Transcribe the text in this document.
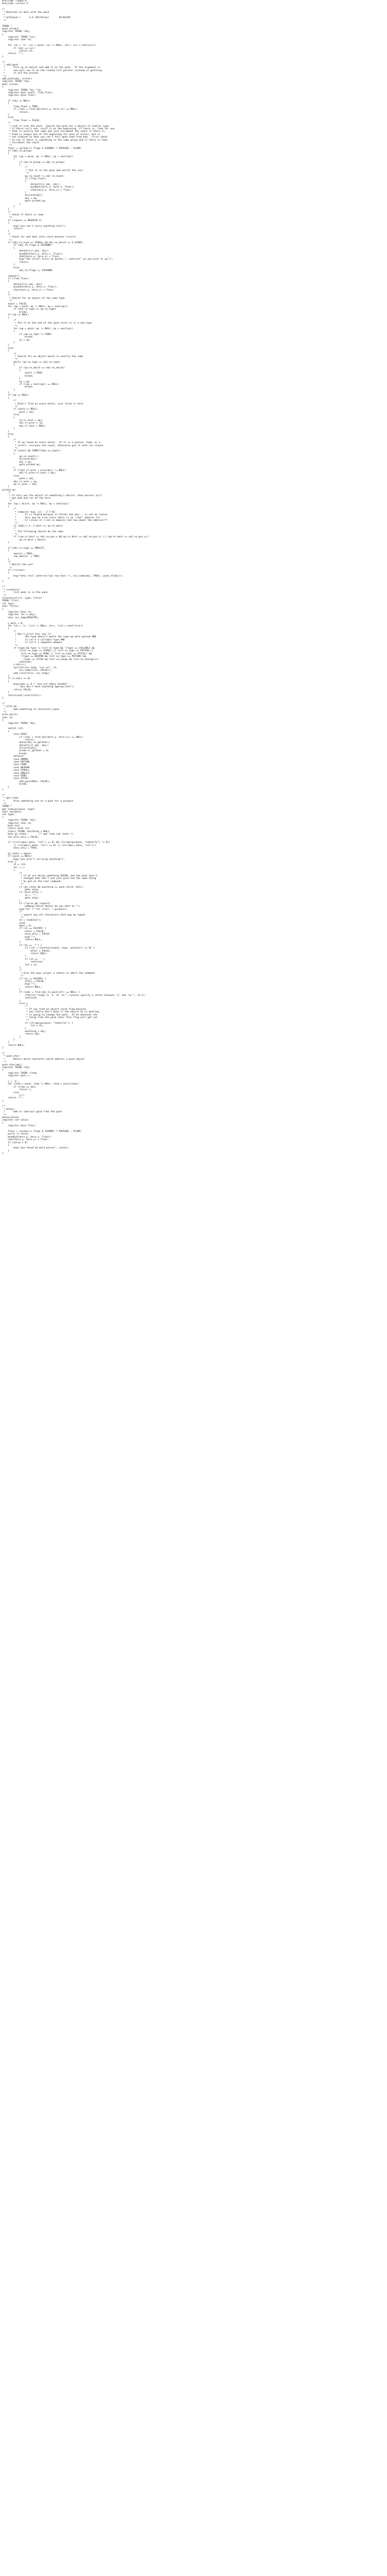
#include "rogue.h"
#include "curses.h"

/*
* Routines to deal with the pack
*
* @(#)pack.c      3.6 (Berkeley)       81/04/04
*/

THING *
pack_ch(obj)
register THING *obj;
{
register THING *cur;
register char ch;

for (ch = 'a', cur = pack; cur != NULL; ch++, cur = next(cur))
if (obj == cur)
return ch;
return '?';
}

/*
* add_pack:
*      Pick up an object and add it to the pack.  If the argument is
*      non-null use it as the linked_list pointer instead of gettting
*      it off the ground.
*/
add_pack(obj, silent)
register THING *obj;
bool silent;
{
register THING *op, *lp;
register bool exact, from_floor;
register byte floor;

if (obj == NULL)
{
from_floor = TRUE;
if ((obj = find_obj(hero.y, hero.x)) == NULL)
return;
}
else
from_floor = FALSE;
/*
* Link it into the pack.  Search the pack for a object of similar type
* if there isn't one, stuff it at the beginning, if there is, look for one
* that is exactly the same and just increment the count if there is.
* Food is always put at the beginning for ease of access, but is
* not ordered so that you can't tell good food from bad.  First check
* to see if there is something in the same group and if there is then
* increment the count.
*/
floor = (proom->r_flags & ISGONE) ? PASSAGE : FLOOR;
if (obj->o_group)
{
for (op = pack; op != NULL; op = next(op))
{
if (op->o_group == obj->o_group)
{
/*
* Put it in the pack and notify the user
*/
op->o_count += obj->o_count;
if (from_floor)
{
detach(lvl_obj, obj);
mvaddch(hero.y, hero.x, floor);
chat(hero.y, hero.x) = floor;
}
discard(obj);
obj = op;
goto picked_up;
}
}
}
/*
* Check if there is room
*/
if (inpack == MAXPACK-1)
{
msg("you can't carry anything else");
return;
}
/*
* Check for and deal with scare monster scrolls
*/
if (obj->o_type == SCROLL && obj->o_which == S_SCARE)
if (obj->o_flags & ISFOUND)
{
detach(lvl_obj, obj);
mvaddch(hero.y, hero.x, floor);
chat(hero.y, hero.x) = floor;
msg("the scroll turns to dust%s.", noterse(" as you pick it up"));
return;
}
else
obj->o_flags |= ISFOUND;

inpack++;
if (from_floor)
{
detach(lvl_obj, obj);
mvaddch(hero.y, hero.x, floor);
chat(hero.y, hero.x) = floor;
}
/*
* Search for an object of the same type
*/
exact = FALSE;
for (op = pack; op != NULL; op = next(op))
if (obj->o_type == op->o_type)
break;
if (op == NULL)
{
/*
* Put it at the end of the pack since it is a new type
*/
for (op = pack; op != NULL; op = next(op))
{
if (op->o_type != FOOD)
break;
lp = op;
}
}
else
{
/*
* Search for an object which is exactly the same
*/
while (op->o_type == obj->o_type)
{
if (op->o_which == obj->o_which)
{
exact = TRUE;
break;
}
lp = op;
if ((op = next(op)) == NULL)
break;
}
}
if (op == NULL)
{
/*
* Didn't find an exact match, just stick it here
*/
if (pack == NULL)
pack = obj;
else
{
lp->l_next = obj;
obj->l_prev = lp;
obj->l_next = NULL;
}
}
else
{
/*
* If we found an exact match.  If it is a potion, food, or a
* scroll, increase the count, otherwise put it with its clones.
*/
if (exact && ISMULT(obj->o_type))
{
op->o_count++;
discard(obj);
obj = op;
goto picked_up;
}
if ((obj->l_prev = prev(op)) != NULL)
obj->l_prev->l_next = obj;
else
pack = obj;
obj->l_next = op;
op->l_prev = obj;
}
picked_up:
/*
* If this was the object of something's desire, that monster will
* get mad and run at the hero
*/
for (op = mlist; op != NULL; op = next(op))
{
/*
* compiler bug: jjl - 2-7-83
*      It is stupid because it thinks the obj... is not an lvalue
*      this may be true since there is no "real" address for
*      it (since it's not in memory) but how about the address???
*/
if (&obj->_t._t_dest == op->t_dest)
/*
* The following should do the same
*/
if ((op->t_dest == obj->o_pos.y && op->t_dest == obj->o_pos.x) || (op->t_dest == obj->o_pos.y))
op->t_dest = &hero;
}

if (obj->o_type == AMULET)
{
amulet = TRUE;
saw_amulet  = TRUE;
}
/*
* Notify the user
*/
if (!silent)
{
msg("%s%s (%c)",noterse("you now have "), inv_name(obj, TRUE), pack_ch(obj));
}
}

/*
* inventory:
*      list what is in the pack
*/
inventory(list, type, title)
THING *list;
int type;
char *title;
{
register byte ch;
register int n_objs;
char inv_temp[MAXSTR];

n_objs = 0;
for (ch = 'a'; list != NULL; ch++, list = next(list))
{
/*
* Don't print this one if:
*      the type doesn't match the type we were passed AND
*      it isn't a callable type AND
*      it isn't a zappable weapon
*/
if (type && type != list->o_type && !(type == CALLABLE &&
(list->o_type == SCROLL || list->o_type == POTION ||
list->o_type == RING || list->o_type == STICK)) &&
!(type == WEAPON && list->o_type == POTION) &&
(type == STICK && list->o_enemy && list->o_charges)))
continue;
n_objs++;
sprintf(inv_temp, "%c) %s", ch,
inv_name(list, FALSE));
add_line(title, inv_temp);
}
if (n_objs == 0)
{
msg(type == 0 ? "you are empty handed" :
"you don't have anything appropriate");
return FALSE;
}
return(end_line(title));
}

/*
* pick_up:
*      Add something to characters pack.
*/
pick_up(ch)
char ch;
{
register THING *obj;

switch (ch)
{
case GOLD:
if ((obj = find_obj(hero.y, hero.x)) == NULL)
return;
money(obj->o_goldval);
detach(lvl_obj, obj);
discard(obj);
proom->r_goldval = 0;
break;
default:
case ARMOR:
case POTION:
case FOOD:
case WEAPON:
case SCROLL:
case AMULET:
case RING:
case STICK:
add_pack(NULL, FALSE);
break;
}
}

/*
* get_item:
*      Pick something out of a pack for a purpose
*/
THING *
get_item(purpose, type)
char *purpose;
int type;
{
register THING *obj;
register char ch;
byte och;
static byte lch;
static THING *wasthing = NULL;
byte gi_state;        /* get item sub state */
int once_only = FALSE;

if (((strcmp(s_menu, "sel") == 0) && (strcmp(purpose, "identify") != 0))
|| (strcmp(s_menu, "on") == 0) || (strcmp(s_menu, "sel")))
once_only = TRUE;

gi_state = again;
if (pack == NULL)
msg("you aren't carrying anything");
else {
ch = lch;
for (;;)
{
/*
* if we are doing something AGAIN, and the pack hasn't
* changed then don't ask just give him the same thing
* he got on the last command.
*/
if (gi_state && wasthing == pack_ch(ch, 0ch))
goto skip;
if (once_only) {
ch = '*';
goto skip;
}
if (!terse && !expert)
addmsg("which object do you want to ");
msg("%s? (* for list): ",purpose);
/*
* ignore any alt characters that may be typed
*/
ch = readchar();
skip:
mpos = 0;
if (ch == ESCAPE) {
after = FALSE;
once_only = FALSE;
msg("");
return NULL;
}
if (ch == '*') {
if ((ch = inventory(pack, type, purpose)) == 0) {
after = FALSE;
return NULL;
}
if (ch == ' ')
continue;
lch = ch;
}
/*
* Give the poor player a chance to abort the command
*/
if (ch == ESCAPE) {
after = FALSE;
msg("");
return NULL;
}
if ((obj = find_obj_in_pack(ch)) == NULL) {
ifterse("range is 'a' to '%c'","please specify a letter between 'a' and '%c'", ch-1);
continue;
}
else {
/*
* If you find an object reset flag because
* you really don't know if the object he is getting
* is going to change the pack.  If he detaches the
* thing from the pack later this flag will get set.
*/
if (strcmp(purpose, "identify")) {
lch = ch;
}
wasthing = obj;
return obj;
}
}
}
return NULL;
}

/*
* pack_char:
*      Return which character would address a pack object
*/
pack_char(obj)
register THING *obj;
{
register THING *item;
register byte c;

c = 'a';
for (item = pack; item != NULL; item = next(item))
if (item == obj)
return c;
else
c++;
return '?';
}

/*
* money:
*      Add or subtract gold from the pack
*/
money(value)
register int value;
{
register byte floor;

floor = (proom->r_flags & ISGONE) ? PASSAGE : FLOOR;
purse += value;
mvaddch(hero.y, hero.x, floor);
chat(hero.y, hero.x) = floor;
if (value > 0)
{
msg("you found %d gold pieces", value);
}
}
